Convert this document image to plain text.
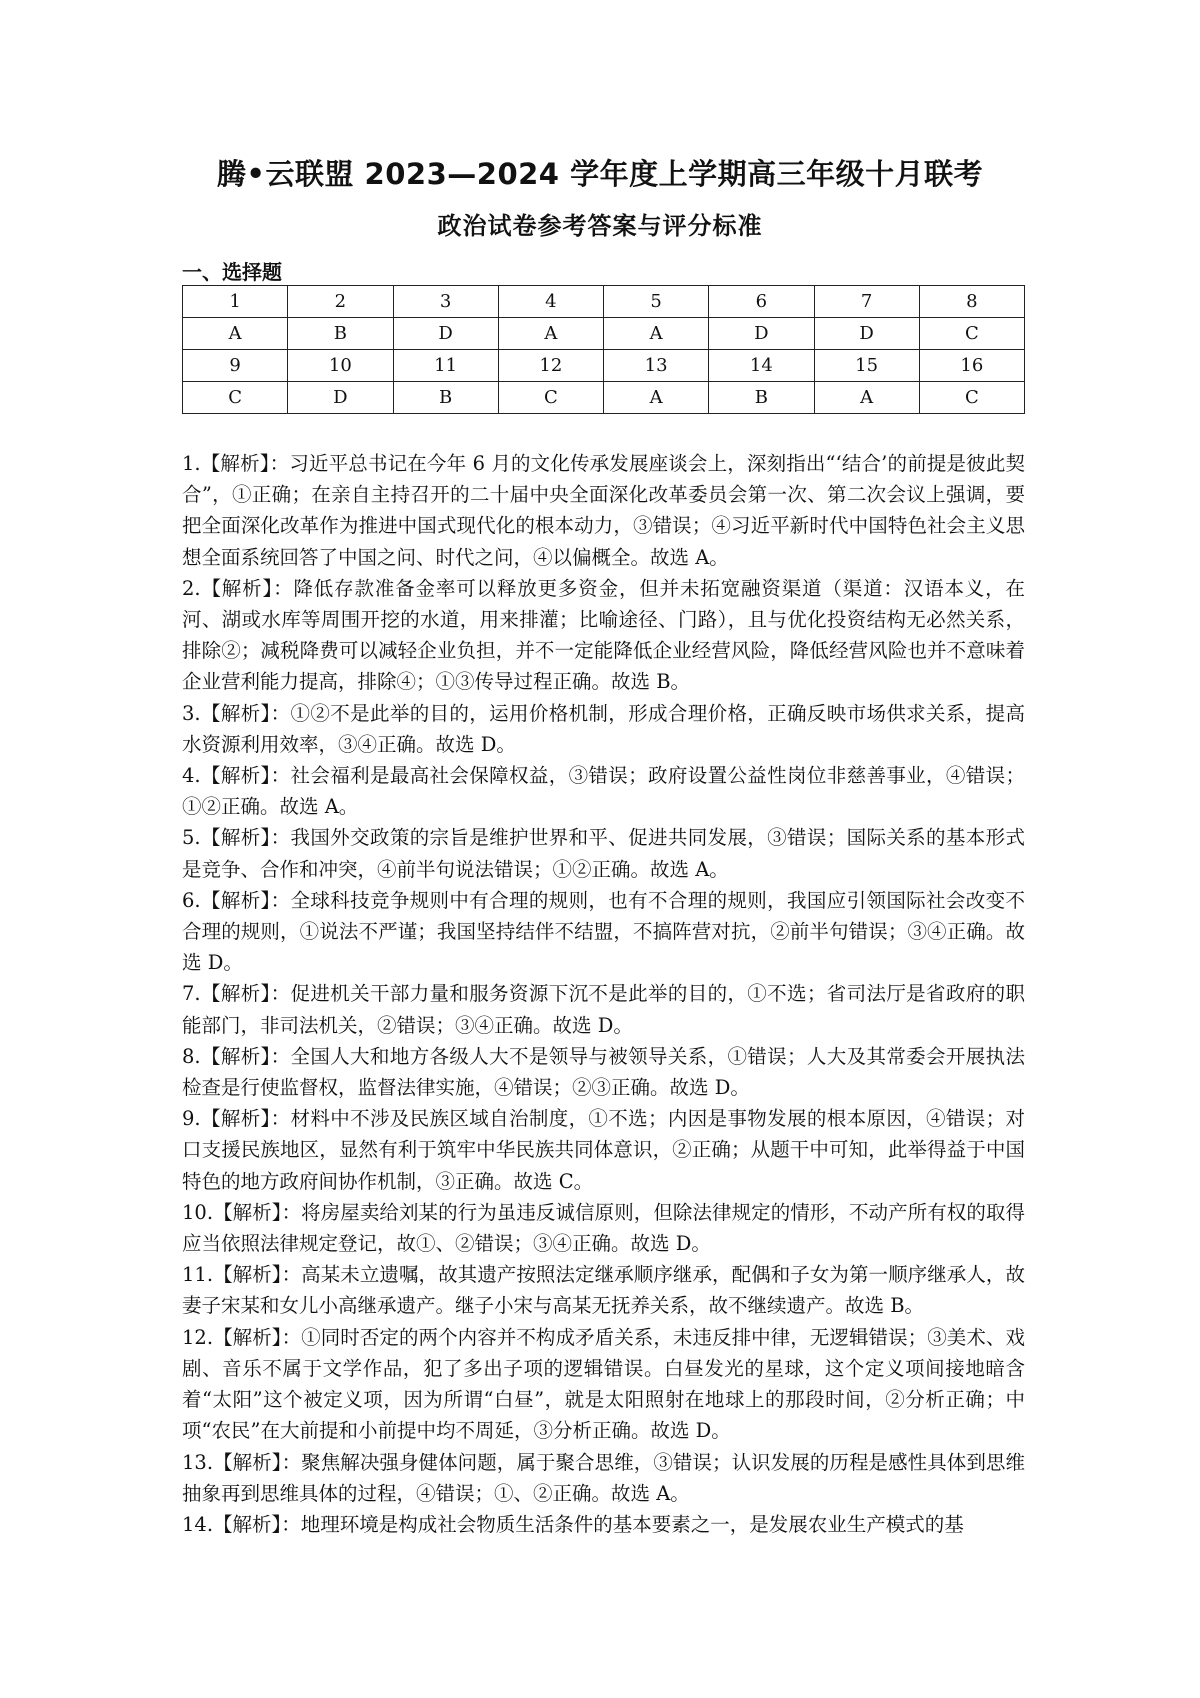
腾•云联盟 2023—2024 学年度上学期高三年级十月联考
政治试卷参考答案与评分标准
一、选择题
1	2	3	4	5	6	7	8
A	B	D	A	A	D	D	C
9	10	11	12	13	14	15	16
C	D	B	C	A	B	A	C

1.【解析】：习近平总书记在今年 6 月的文化传承发展座谈会上，深刻指出“‘结合’的前提是彼此契合”，①正确；在亲自主持召开的二十届中央全面深化改革委员会第一次、第二次会议上强调，要把全面深化改革作为推进中国式现代化的根本动力，③错误；④习近平新时代中国特色社会主义思想全面系统回答了中国之问、时代之问，④以偏概全。故选 A。

2.【解析】：降低存款准备金率可以释放更多资金，但并未拓宽融资渠道（渠道：汉语本义，在河、湖或水库等周围开挖的水道，用来排灌；比喻途径、门路），且与优化投资结构无必然关系，排除②；减税降费可以减轻企业负担，并不一定能降低企业经营风险，降低经营风险也并不意味着企业营利能力提高，排除④；①③传导过程正确。故选 B。

3.【解析】：①②不是此举的目的，运用价格机制，形成合理价格，正确反映市场供求关系，提高水资源利用效率，③④正确。故选 D。

4.【解析】：社会福利是最高社会保障权益，③错误；政府设置公益性岗位非慈善事业，④错误；①②正确。故选 A。

5.【解析】：我国外交政策的宗旨是维护世界和平、促进共同发展，③错误；国际关系的基本形式是竞争、合作和冲突，④前半句说法错误；①②正确。故选 A。

6.【解析】：全球科技竞争规则中有合理的规则，也有不合理的规则，我国应引领国际社会改变不合理的规则，①说法不严谨；我国坚持结伴不结盟，不搞阵营对抗，②前半句错误；③④正确。故选 D。

7.【解析】：促进机关干部力量和服务资源下沉不是此举的目的，①不选；省司法厅是省政府的职能部门，非司法机关，②错误；③④正确。故选 D。

8.【解析】：全国人大和地方各级人大不是领导与被领导关系，①错误；人大及其常委会开展执法检查是行使监督权，监督法律实施，④错误；②③正确。故选 D。

9.【解析】：材料中不涉及民族区域自治制度，①不选；内因是事物发展的根本原因，④错误；对口支援民族地区，显然有利于筑牢中华民族共同体意识，②正确；从题干中可知，此举得益于中国特色的地方政府间协作机制，③正确。故选 C。

10.【解析】：将房屋卖给刘某的行为虽违反诚信原则，但除法律规定的情形，不动产所有权的取得应当依照法律规定登记，故①、②错误；③④正确。故选 D。

11.【解析】：高某未立遗嘱，故其遗产按照法定继承顺序继承，配偶和子女为第一顺序继承人，故妻子宋某和女儿小高继承遗产。继子小宋与高某无抚养关系，故不继续遗产。故选 B。

12.【解析】：①同时否定的两个内容并不构成矛盾关系，未违反排中律，无逻辑错误；③美术、戏剧、音乐不属于文学作品，犯了多出子项的逻辑错误。白昼发光的星球，这个定义项间接地暗含着“太阳”这个被定义项，因为所谓“白昼”，就是太阳照射在地球上的那段时间，②分析正确；中项“农民”在大前提和小前提中均不周延，③分析正确。故选 D。

13.【解析】：聚焦解决强身健体问题，属于聚合思维，③错误；认识发展的历程是感性具体到思维抽象再到思维具体的过程，④错误；①、②正确。故选 A。

14.【解析】：地理环境是构成社会物质生活条件的基本要素之一，是发展农业生产模式的基
